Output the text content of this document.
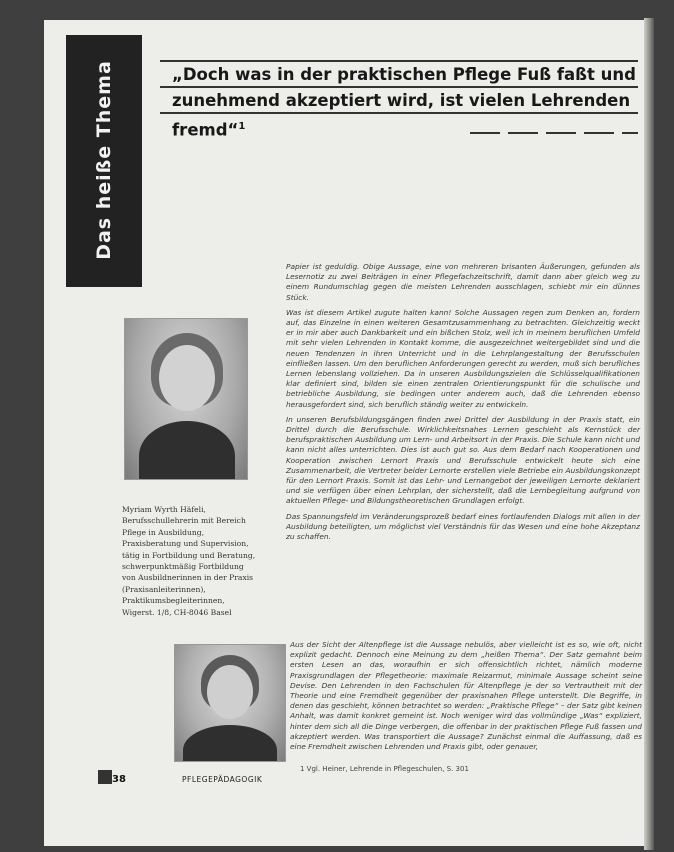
Das heiße Thema	„Doch was in der praktischen Pflege Fuß faßt und zunehmend akzeptiert wird, ist vielen Lehrenden fremd“$^1$

Myriam Wyrth Häfeli,
Berufsschullehrerin mit Bereich Pflege in Ausbildung, Praxisberatung und Supervision, tätig in Fortbildung und Beratung, schwerpunktmäßig Fortbildung von Ausbildnerinnen in der Praxis (Praxisanleiterinnen), Praktikumsbegleiterinnen, Wigerst. 1/8, CH-8046 Basel

Papier ist geduldig. Obige Aussage, eine von mehreren brisanten Äußerungen, gefunden als Lesernotiz zu zwei Beiträgen in einer Pflegefachzeitschrift, damit dann aber gleich weg zu einem Rundumschlag gegen die meisten Lehrenden ausschlagen, schiebt mir ein dünnes Stück.

Was ist diesem Artikel zugute halten kann! Solche Aussagen regen zum Denken an, fordern auf, das Einzelne in einen weiteren Gesamtzusammenhang zu betrachten. Gleichzeitig weckt er in mir aber auch Dankbarkeit und ein bißchen Stolz, weil ich in meinem beruflichen Umfeld mit sehr vielen Lehrenden in Kontakt komme, die ausgezeichnet weitergebildet sind und die neuen Tendenzen in ihren Unterricht und in die Lehrplangestaltung der Berufsschulen einfließen lassen. Um den beruflichen Anforderungen gerecht zu werden, muß sich berufliches Lernen lebenslang vollziehen. Da in unseren Ausbildungszielen die Schlüsselqualifikationen klar definiert sind, bilden sie einen zentralen Orientierungspunkt für die schulische und betriebliche Ausbildung, sie bedingen unter anderem auch, daß die Lehrenden ebenso herausgefordert sind, sich beruflich ständig weiter zu entwickeln.

In unseren Berufsbildungsgängen finden zwei Drittel der Ausbildung in der Praxis statt, ein Drittel durch die Berufsschule. Wirklichkeitsnahes Lernen geschieht als Kernstück der berufspraktischen Ausbildung um Lern- und Arbeitsort in der Praxis. Die Schule kann nicht und kann nicht alles unterrichten. Dies ist auch gut so. Aus dem Bedarf nach Kooperationen und Kooperation zwischen Lernort Praxis und Berufsschule entwickelt heute sich eine Zusammenarbeit, die Vertreter beider Lernorte erstellen viele Betriebe ein Ausbildungskonzept für den Lernort Praxis. Somit ist das Lehr- und Lernangebot der jeweiligen Lernorte deklariert und sie verfügen über einen Lehrplan, der sicherstellt, daß die Lernbegleitung aufgrund von aktuellen Pflege- und Bildungstheoretischen Grundlagen erfolgt.

Das Spannungsfeld im Veränderungsprozeß bedarf eines fortlaufenden Dialogs mit allen in der Ausbildung beteiligten, um möglichst viel Verständnis für das Wesen und eine hohe Akzeptanz zu schaffen.

Aus der Sicht der Altenpflege ist die Aussage nebulös, aber vielleicht ist es so, wie oft, nicht explizit gedacht. Dennoch eine Meinung zu dem „heißen Thema“. Der Satz gemahnt beim ersten Lesen an das, woraufhin er sich offensichtlich richtet, nämlich moderne Praxisgrundlagen der Pflegetheorie: maximale Reizarmut, minimale Aussage scheint seine Devise. Den Lehrenden in den Fachschulen für Altenpflege je der so Vertrautheit mit der Theorie und eine Fremdheit gegenüber der praxisnahen Pflege unterstellt. Die Begriffe, in denen das geschieht, können betrachtet so werden: „Praktische Pflege“ – der Satz gibt keinen Anhalt, was damit konkret gemeint ist. Noch weniger wird das vollmündige „Was“ expliziert, hinter dem sich all die Dinge verbergen, die offenbar in der praktischen Pflege Fuß fassen und akzeptiert werden. Was transportiert die Aussage? Zunächst einmal die Auffassung, daß es eine Fremdheit zwischen Lehrenden und Praxis gibt, oder genauer,

1 Vgl. Heiner, Lehrende in Pflegeschulen, S. 301

38	PFLEGEPÄDAGOGIK
